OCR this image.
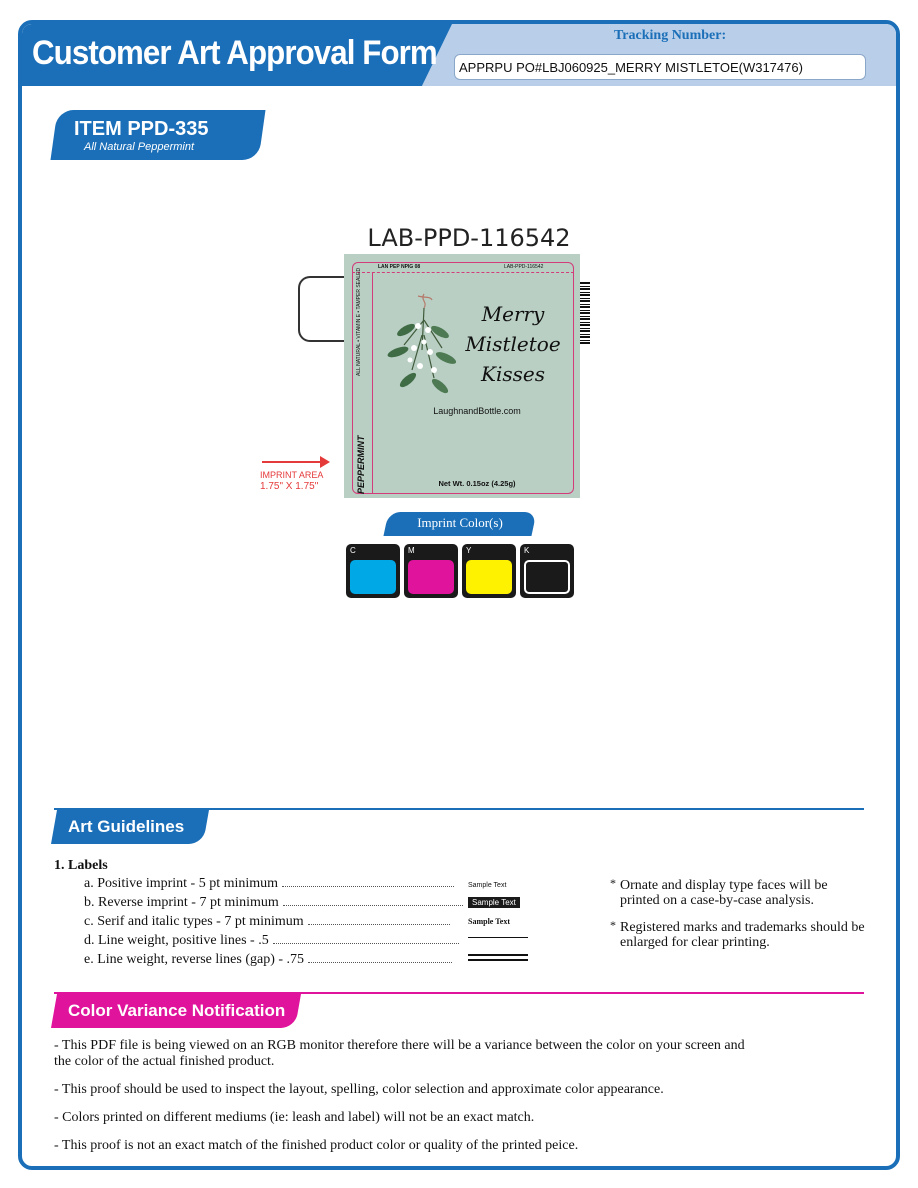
Customer Art Approval Form	Tracking Number:
APPRPU PO#LBJ060925_MERRY MISTLETOE(W317476)
ITEM PPD-335
All Natural Peppermint
LAB-PPD-116542
LAN PEP NPIG 08	LAB-PPD-116542
ALL NATURAL • VITAMIN E • TAMPER SEALED
PEPPERMINT
Merry
Mistletoe
Kisses
LaughnandBottle.com
Net Wt. 0.15oz (4.25g)
IMPRINT AREA
1.75" X 1.75"
Imprint Color(s)
C	M	Y	K
Art Guidelines
1. Labels
a. Positive imprint - 5 pt minimum
b. Reverse imprint - 7 pt minimum
c. Serif and italic types - 7 pt minimum
d. Line weight, positive lines - .5
e. Line weight, reverse lines (gap) - .75
Sample Text
Sample Text
Sample Text
* Ornate and display type faces will be printed on a case-by-case analysis.
* Registered marks and trademarks should be enlarged for clear printing.
Color Variance Notification
- This PDF file is being viewed on an RGB monitor therefore there will be a variance between the color on your screen and the color of the actual finished product.
- This proof should be used to inspect the layout, spelling, color selection and approximate color appearance.
- Colors printed on different mediums (ie: leash and label) will not be an exact match.
- This proof is not an exact match of the finished product color or quality of the printed peice.
